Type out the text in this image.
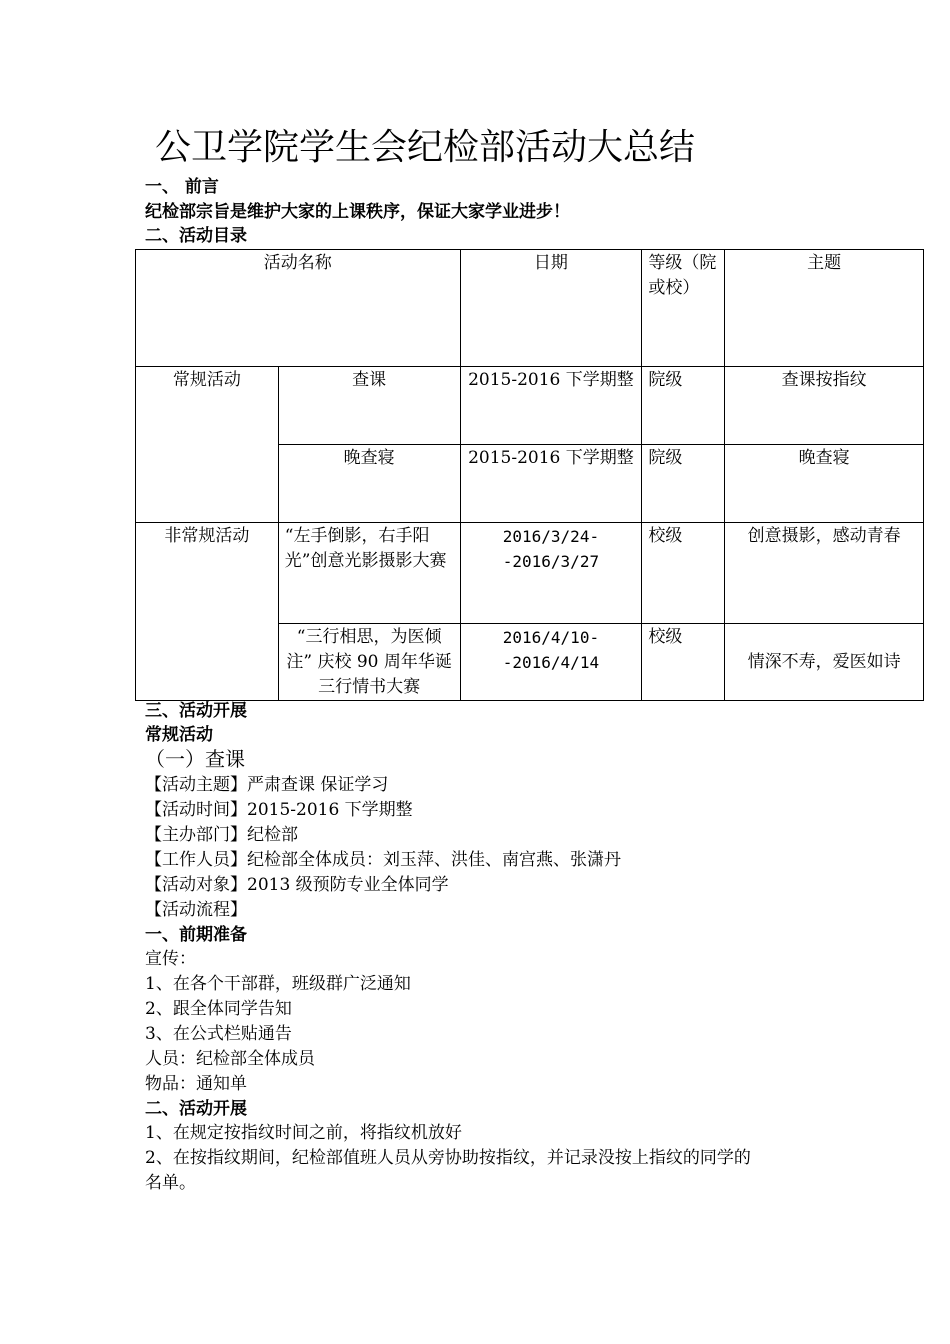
公卫学院学生会纪检部活动大总结
一、 前言
纪检部宗旨是维护大家的上课秩序，保证大家学业进步！
二、活动目录
活动名称		日期	等级（院或校）	主题
常规活动	查课	2015-2016 下学期整	院级	查课按指纹
	晚查寝	2015-2016 下学期整	院级	晚查寝
非常规活动	“左手倒影，右手阳光”创意光影摄影大赛	2016/3/24--2016/3/27	校级	创意摄影，感动青春
	“三行相思，为医倾注” 庆校 90 周年华诞 三行情书大赛	2016/4/10--2016/4/14	校级	情深不寿，爱医如诗
三、活动开展
常规活动
（一）查课
【活动主题】严肃查课 保证学习
【活动时间】2015-2016 下学期整
【主办部门】纪检部
【工作人员】纪检部全体成员：刘玉萍、洪佳、南宫燕、张潇丹
【活动对象】2013 级预防专业全体同学
【活动流程】
一、前期准备
宣传：
1、在各个干部群，班级群广泛通知
2、跟全体同学告知
3、在公式栏贴通告
人员：纪检部全体成员
物品：通知单
二、活动开展
1、在规定按指纹时间之前，将指纹机放好
2、在按指纹期间，纪检部值班人员从旁协助按指纹，并记录没按上指纹的同学的
名单。
